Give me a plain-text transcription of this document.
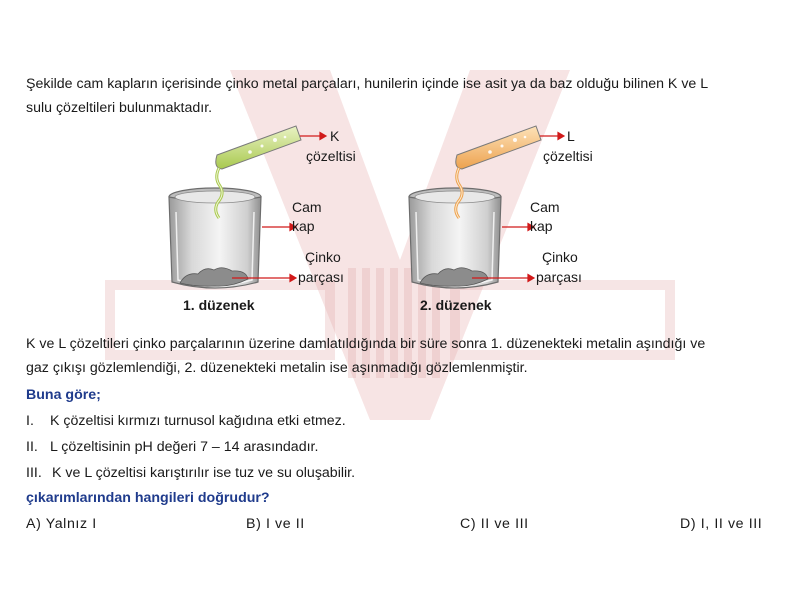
Şekilde cam kapların içerisinde çinko metal parçaları, hunilerin içinde ise asit ya da baz olduğu bilinen K ve L
sulu çözeltileri bulunmaktadır.
K
çözeltisi
Cam
kap
Çinko
parçası
1. düzenek
L
çözeltisi
Cam
kap
Çinko
parçası
2. düzenek
K ve L çözeltileri çinko parçalarının üzerine damlatıldığında bir süre sonra 1. düzenekteki metalin aşındığı ve
gaz çıkışı gözlemlendiği, 2. düzenekteki metalin ise aşınmadığı gözlemlenmiştir.
Buna göre;
I. K çözeltisi kırmızı turnusol kağıdına etki etmez.
II. L çözeltisinin pH değeri 7 – 14 arasındadır.
III. K ve L çözeltisi karıştırılır ise tuz ve su oluşabilir.
çıkarımlarından hangileri doğrudur?
A) Yalnız I	B) I ve II	C) II ve III	D) I, II ve III
